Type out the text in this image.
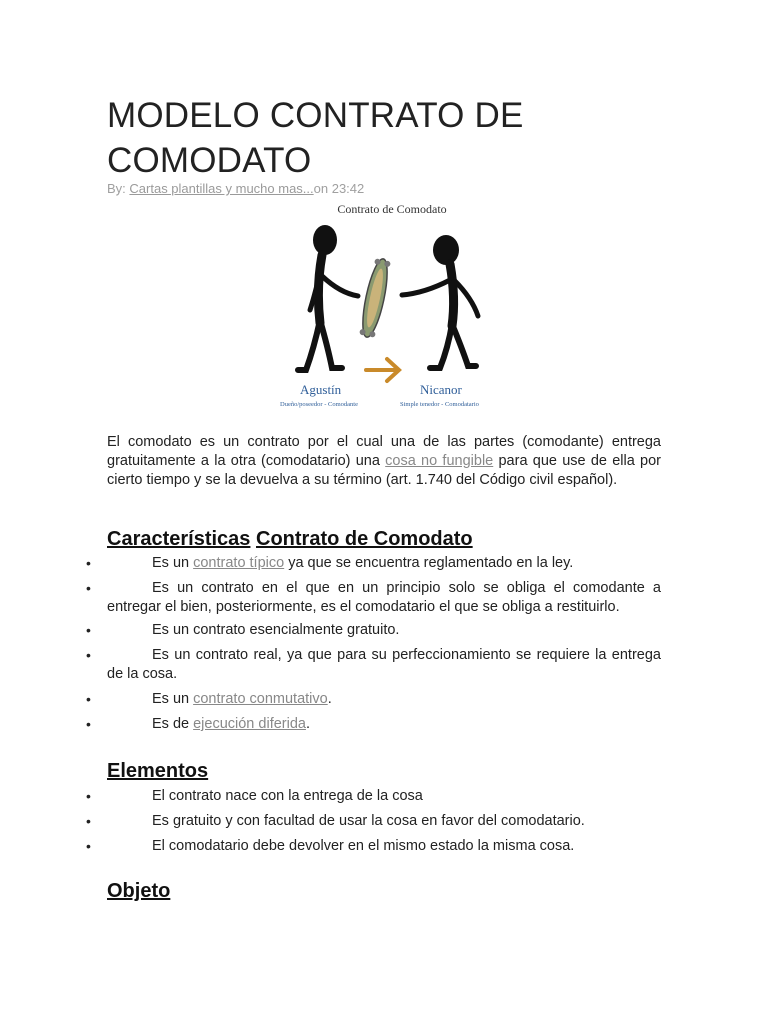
MODELO CONTRATO DE COMODATO
By: Cartas plantillas y mucho mas...on 23:42
Contrato de Comodato
Agustín
Dueño/poseedor - Comodante
Nicanor
Simple tenedor - Comodatario

El comodato es un contrato por el cual una de las partes (comodante) entrega gratuitamente a la otra (comodatario) una cosa no fungible para que use de ella por cierto tiempo y se la devuelva a su término (art. 1.740 del Código civil español).

Características Contrato de Comodato
•	Es un contrato típico ya que se encuentra reglamentado en la ley.
•	Es un contrato en el que en un principio solo se obliga el comodante a entregar el bien, posteriormente, es el comodatario el que se obliga a restituirlo.
•	Es un contrato esencialmente gratuito.
•	Es un contrato real, ya que para su perfeccionamiento se requiere la entrega de la cosa.
•	Es un contrato conmutativo.
•	Es de ejecución diferida.
Elementos
•	El contrato nace con la entrega de la cosa
•	Es gratuito y con facultad de usar la cosa en favor del comodatario.
•	El comodatario debe devolver en el mismo estado la misma cosa.
Objeto
